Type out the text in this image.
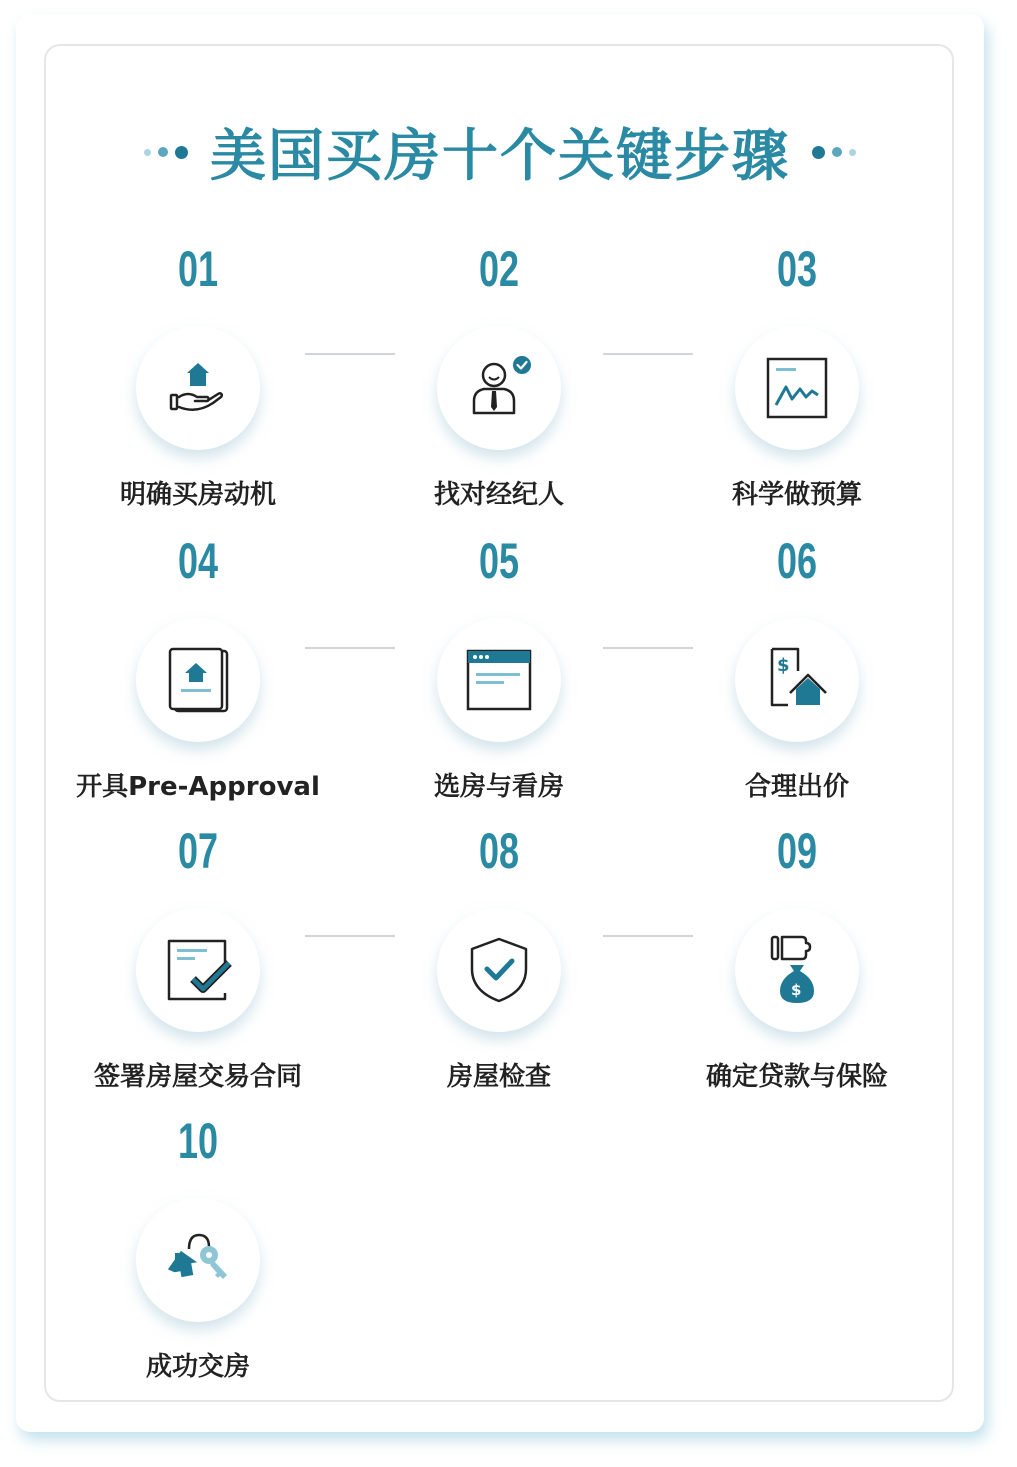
美国买房十个关键步骤
01
明确买房动机
02
找对经纪人
03
科学做预算
04
开具Pre-Approval
05
选房与看房
06
$
合理出价
07
签署房屋交易合同
08
房屋检查
09
$
确定贷款与保险
10
成功交房
